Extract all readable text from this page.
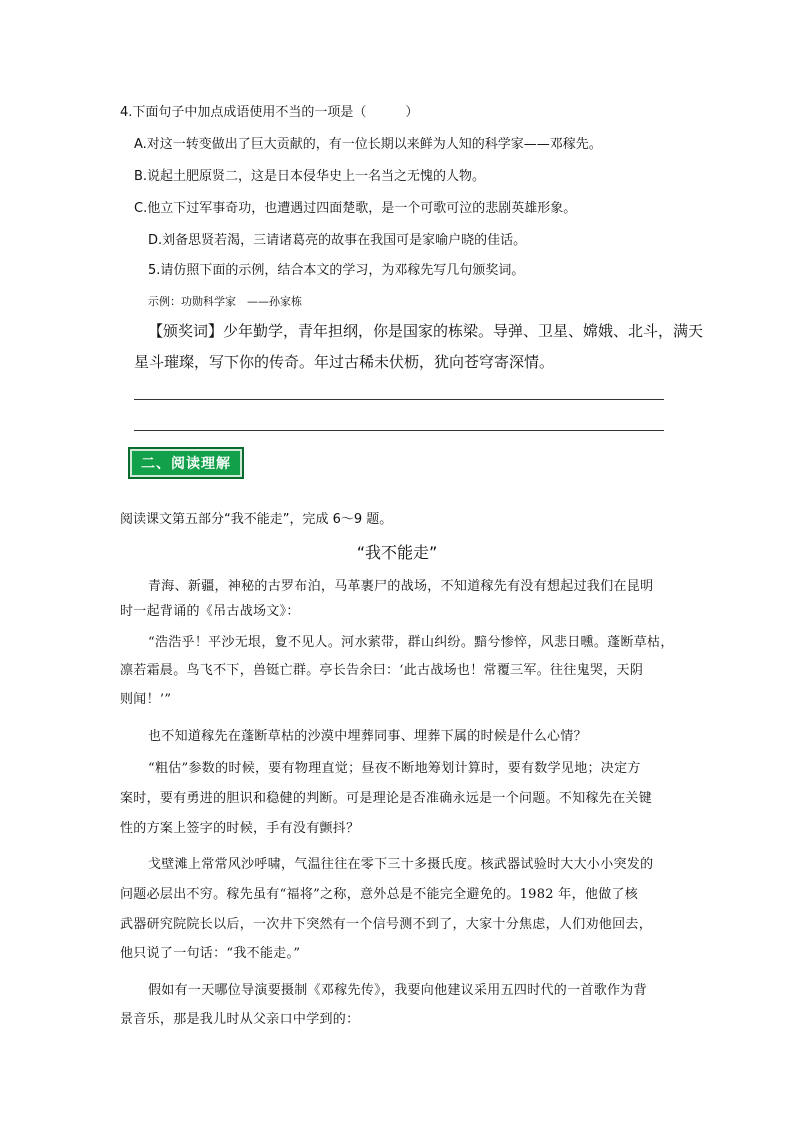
4.下面句子中加点成语使用不当的一项是（　　　）
A.对这一转变做出了巨大贡献的，有一位长期以来鲜为人知的科学家——邓稼先。
B.说起土肥原贤二，这是日本侵华史上一名当之无愧的人物。
C.他立下过军事奇功，也遭遇过四面楚歌，是一个可歌可泣的悲剧英雄形象。
D.刘备思贤若渴，三请诸葛亮的故事在我国可是家喻户晓的佳话。
5.请仿照下面的示例，结合本文的学习，为邓稼先写几句颁奖词。
示例：功勋科学家　——孙家栋
【颁奖词】少年勤学，青年担纲，你是国家的栋梁。导弹、卫星、嫦娥、北斗，满天
星斗璀璨，写下你的传奇。年过古稀未伏枥，犹向苍穹寄深情。
二、阅读理解
阅读课文第五部分“我不能走”，完成 6～9 题。
“我不能走”
青海、新疆，神秘的古罗布泊，马革裹尸的战场，不知道稼先有没有想起过我们在昆明
时一起背诵的《吊古战场文》：
“浩浩乎！平沙无垠，夐不见人。河水萦带，群山纠纷。黯兮惨悴，风悲日曛。蓬断草枯，
凛若霜晨。鸟飞不下，兽铤亡群。亭长告余曰：‘此古战场也！常覆三军。往往鬼哭，天阴
则闻！’”
也不知道稼先在蓬断草枯的沙漠中埋葬同事、埋葬下属的时候是什么心情？
“粗估”参数的时候，要有物理直觉；昼夜不断地筹划计算时，要有数学见地；决定方
案时，要有勇进的胆识和稳健的判断。可是理论是否准确永远是一个问题。不知稼先在关键
性的方案上签字的时候，手有没有颤抖？
戈壁滩上常常风沙呼啸，气温往往在零下三十多摄氏度。核武器试验时大大小小突发的
问题必层出不穷。稼先虽有“福将”之称，意外总是不能完全避免的。1982 年，他做了核
武器研究院院长以后，一次井下突然有一个信号测不到了，大家十分焦虑，人们劝他回去，
他只说了一句话：“我不能走。”
假如有一天哪位导演要摄制《邓稼先传》，我要向他建议采用五四时代的一首歌作为背
景音乐，那是我儿时从父亲口中学到的：
